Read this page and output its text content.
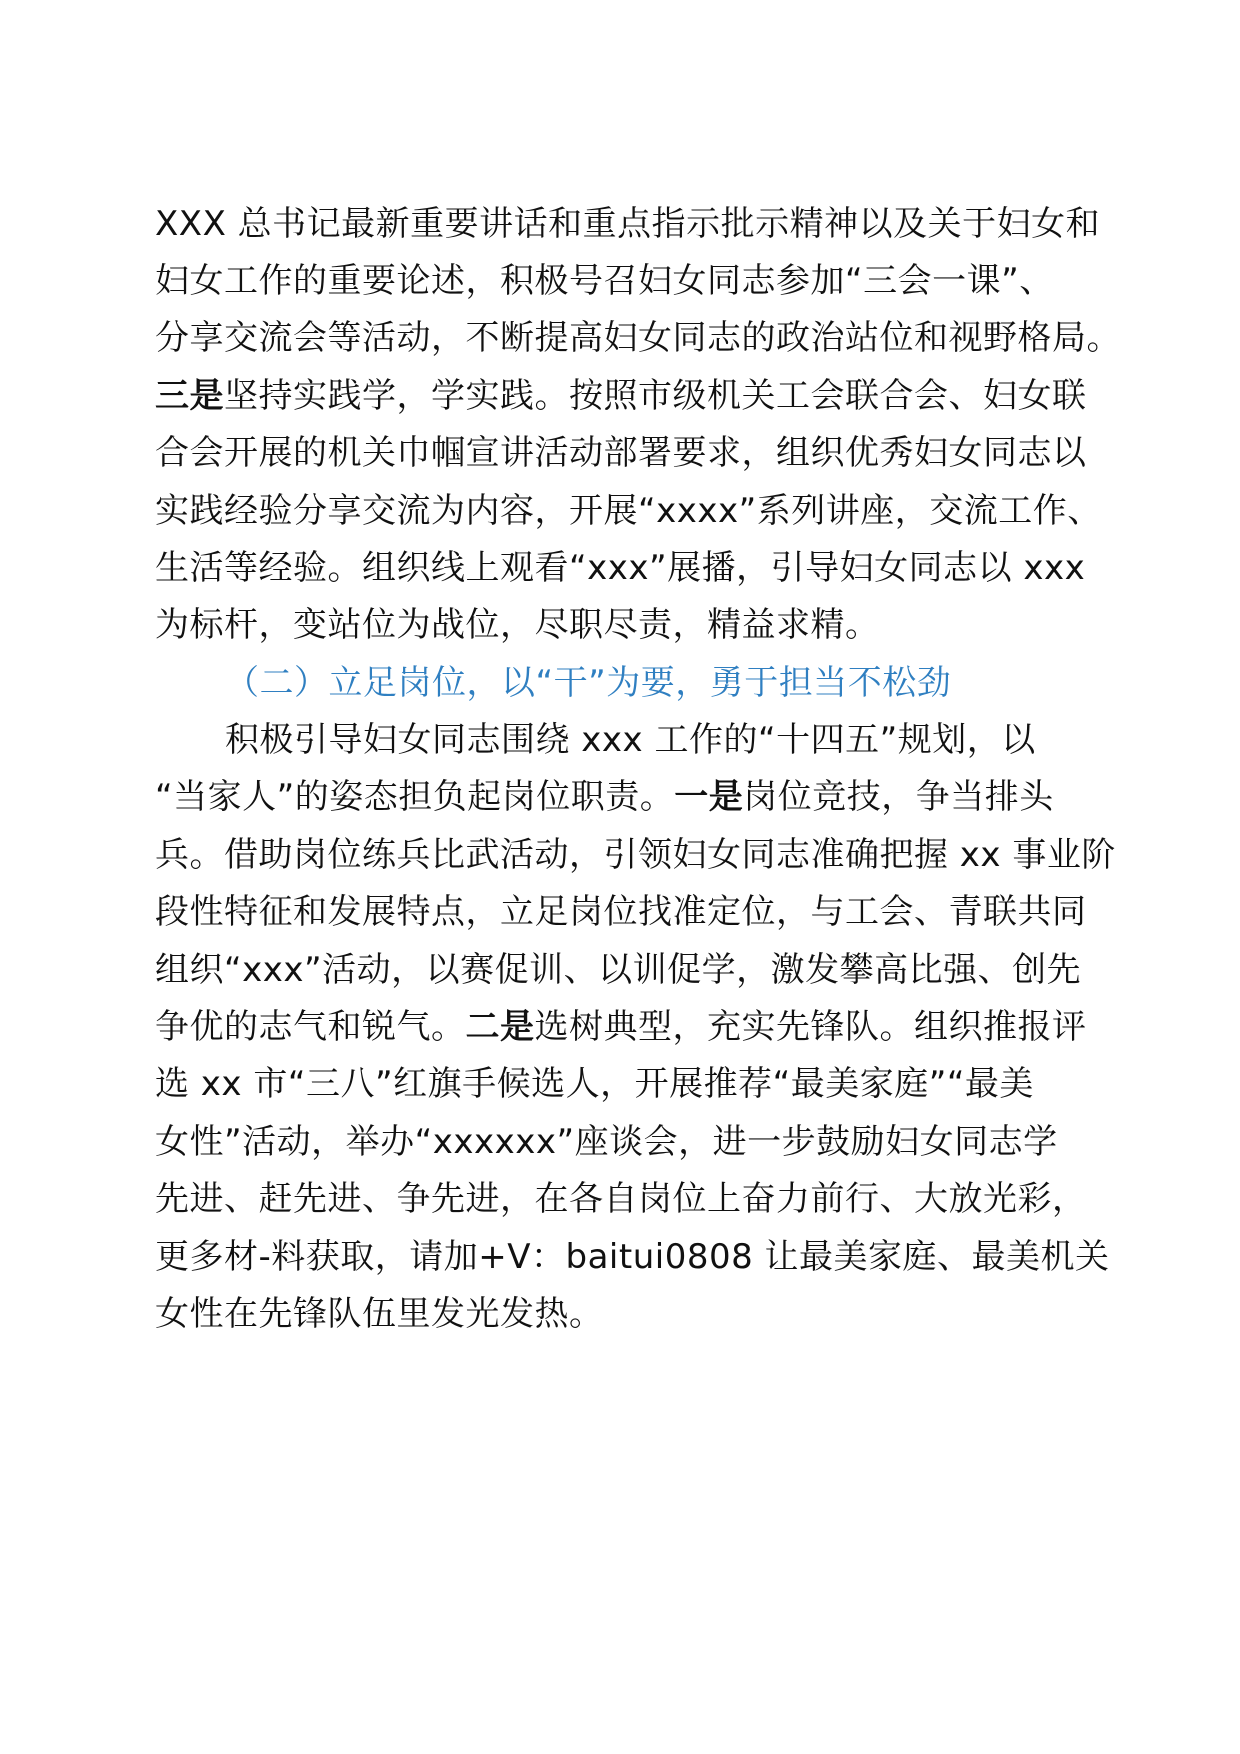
XXX 总书记最新重要讲话和重点指示批示精神以及关于妇女和
妇女工作的重要论述，积极号召妇女同志参加“三会一课”、
分享交流会等活动，不断提高妇女同志的政治站位和视野格局。
三是坚持实践学，学实践。按照市级机关工会联合会、妇女联
合会开展的机关巾帼宣讲活动部署要求，组织优秀妇女同志以
实践经验分享交流为内容，开展“xxxx”系列讲座，交流工作、
生活等经验。组织线上观看“xxx”展播，引导妇女同志以 xxx
为标杆，变站位为战位，尽职尽责，精益求精。
（二）立足岗位，以“干”为要，勇于担当不松劲
积极引导妇女同志围绕 xxx 工作的“十四五”规划，以
“当家人”的姿态担负起岗位职责。一是岗位竞技，争当排头
兵。借助岗位练兵比武活动，引领妇女同志准确把握 xx 事业阶
段性特征和发展特点，立足岗位找准定位，与工会、青联共同
组织“xxx”活动，以赛促训、以训促学，激发攀高比强、创先
争优的志气和锐气。二是选树典型，充实先锋队。组织推报评
选 xx 市“三八”红旗手候选人，开展推荐“最美家庭”“最美
女性”活动，举办“xxxxxx”座谈会，进一步鼓励妇女同志学
先进、赶先进、争先进，在各自岗位上奋力前行、大放光彩，
更多材-料获取，请加+V：baitui0808 让最美家庭、最美机关
女性在先锋队伍里发光发热。
